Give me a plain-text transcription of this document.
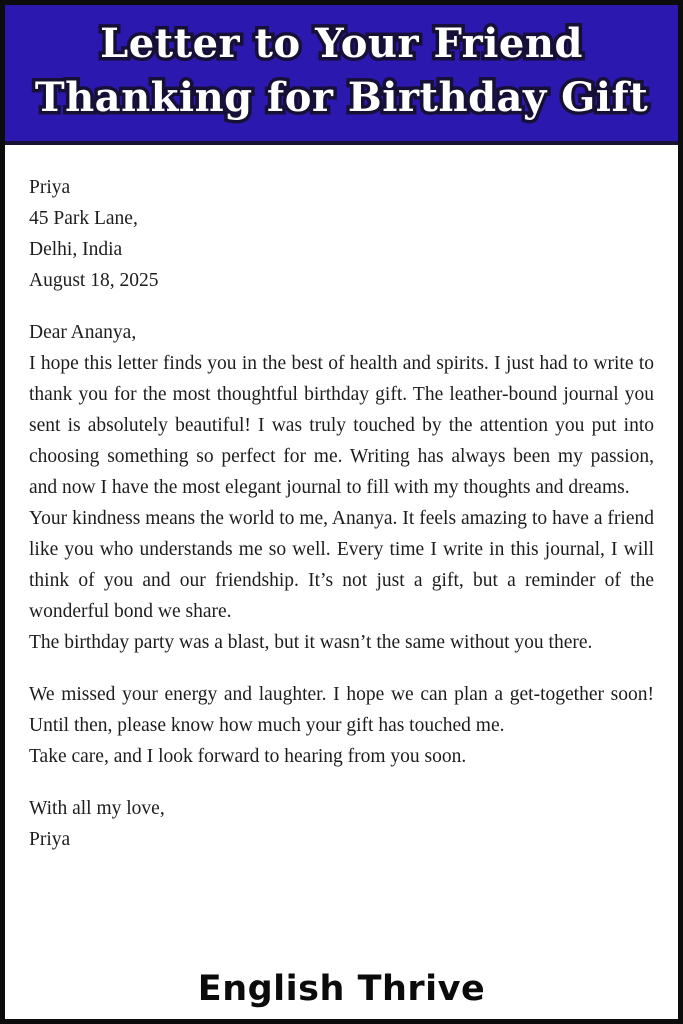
Letter to Your Friend
Thanking for Birthday Gift
Priya
45 Park Lane,
Delhi, India
August 18, 2025
Dear Ananya,

I hope this letter finds you in the best of health and spirits. I just had to write to thank you for the most thoughtful birthday gift. The leather-bound journal you sent is absolutely beautiful! I was truly touched by the attention you put into choosing something so perfect for me. Writing has always been my passion, and now I have the most elegant journal to fill with my thoughts and dreams.

Your kindness means the world to me, Ananya. It feels amazing to have a friend like you who understands me so well. Every time I write in this journal, I will think of you and our friendship. It’s not just a gift, but a reminder of the wonderful bond we share.

The birthday party was a blast, but it wasn’t the same without you there.

We missed your energy and laughter. I hope we can plan a get-together soon! Until then, please know how much your gift has touched me.

Take care, and I look forward to hearing from you soon.

With all my love,
Priya
English Thrive
